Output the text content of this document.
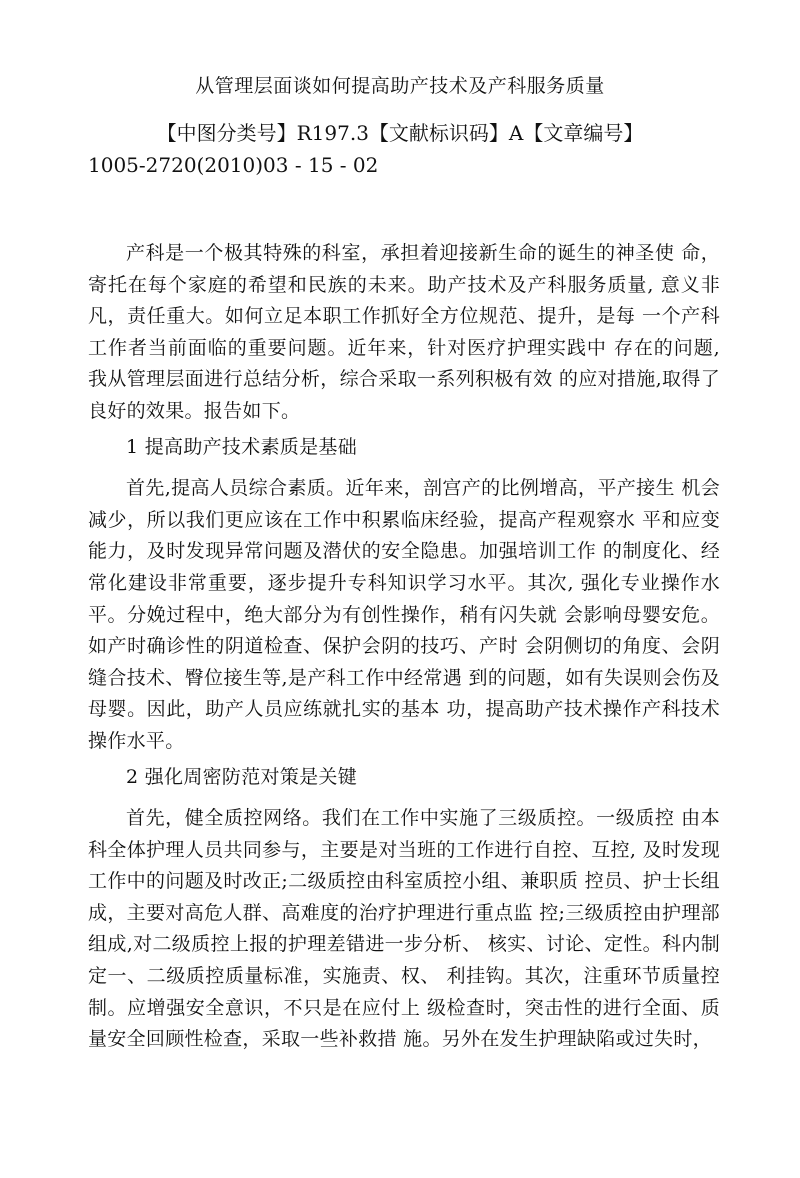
从管理层面谈如何提高助产技术及产科服务质量
【中图分类号】R197.3【文献标识码】A【文章编号】
1005-2720(2010)03 - 15 - 02

产科是一个极其特殊的科室，承担着迎接新生命的诞生的神圣使 命，寄托在每个家庭的希望和民族的未来。助产技术及产科服务质量, 意义非凡，责任重大。如何立足本职工作抓好全方位规范、提升，是每 一个产科工作者当前面临的重要问题。近年来，针对医疗护理实践中 存在的问题, 我从管理层面进行总结分析，综合采取一系列积极有效 的应对措施,取得了良好的效果。报告如下。

1 提高助产技术素质是基础

首先,提高人员综合素质。近年来，剖宫产的比例增高，平产接生 机会减少，所以我们更应该在工作中积累临床经验，提高产程观察水 平和应变能力，及时发现异常问题及潜伏的安全隐患。加强培训工作 的制度化、经常化建设非常重要，逐步提升专科知识学习水平。其次, 强化专业操作水平。分娩过程中，绝大部分为有创性操作，稍有闪失就 会影响母婴安危。如产时确诊性的阴道检查、保护会阴的技巧、产时 会阴侧切的角度、会阴缝合技术、臀位接生等,是产科工作中经常遇 到的问题，如有失误则会伤及母婴。因此，助产人员应练就扎实的基本 功，提高助产技术操作产科技术操作水平。

2 强化周密防范对策是关键

首先，健全质控网络。我们在工作中实施了三级质控。一级质控 由本科全体护理人员共同参与，主要是对当班的工作进行自控、互控, 及时发现工作中的问题及时改正;二级质控由科室质控小组、兼职质 控员、护士长组成，主要对高危人群、高难度的治疗护理进行重点监 控;三级质控由护理部组成,对二级质控上报的护理差错进一步分析、 核实、讨论、定性。科内制定一、二级质控质量标准，实施责、权、 利挂钩。其次，注重环节质量控制。应增强安全意识，不只是在应付上 级检查时，突击性的进行全面、质量安全回顾性检查，采取一些补救措 施。另外在发生护理缺陷或过失时，
